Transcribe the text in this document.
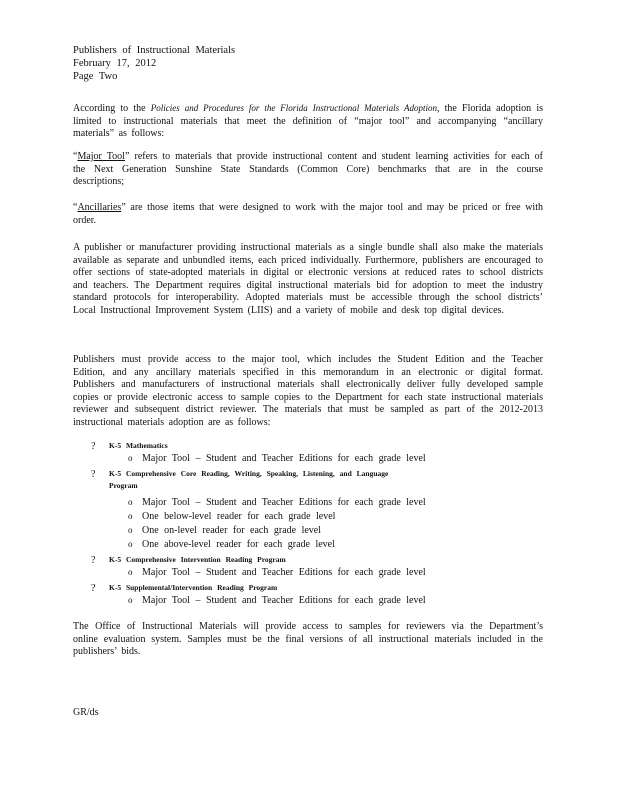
Publishers of Instructional Materials
February 17, 2012
Page Two
According to the Policies and Procedures for the Florida Instructional Materials Adoption, the Florida adoption is limited to instructional materials that meet the definition of “major tool” and accompanying “ancillary materials” as follows:
“Major Tool” refers to materials that provide instructional content and student learning activities for each of the Next Generation Sunshine State Standards (Common Core) benchmarks that are in the course descriptions;
“Ancillaries” are those items that were designed to work with the major tool and may be priced or free with order.
A publisher or manufacturer providing instructional materials as a single bundle shall also make the materials available as separate and unbundled items, each priced individually. Furthermore, publishers are encouraged to offer sections of state-adopted materials in digital or electronic versions at reduced rates to school districts and teachers. The Department requires digital instructional materials bid for adoption to meet the industry standard protocols for interoperability. Adopted materials must be accessible through the school districts’ Local Instructional Improvement System (LIIS) and a variety of mobile and desk top digital devices.
Publishers must provide access to the major tool, which includes the Student Edition and the Teacher Edition, and any ancillary materials specified in this memorandum in an electronic or digital format. Publishers and manufacturers of instructional materials shall electronically deliver fully developed sample copies or provide electronic access to sample copies to the Department for each state instructional materials reviewer and subsequent district reviewer. The materials that must be sampled as part of the 2012-2013 instructional materials adoption are as follows:
? K-5 Mathematics
o Major Tool – Student and Teacher Editions for each grade level
? K-5 Comprehensive Core Reading, Writing, Speaking, Listening, and Language
Program
o Major Tool – Student and Teacher Editions for each grade level
o One below-level reader for each grade level
o One on-level reader for each grade level
o One above-level reader for each grade level
? K-5 Comprehensive Intervention Reading Program
o Major Tool – Student and Teacher Editions for each grade level
? K-5 Supplemental/Intervention Reading Program
o Major Tool – Student and Teacher Editions for each grade level
The Office of Instructional Materials will provide access to samples for reviewers via the Department’s online evaluation system. Samples must be the final versions of all instructional materials included in the publishers’ bids.
GR/ds
